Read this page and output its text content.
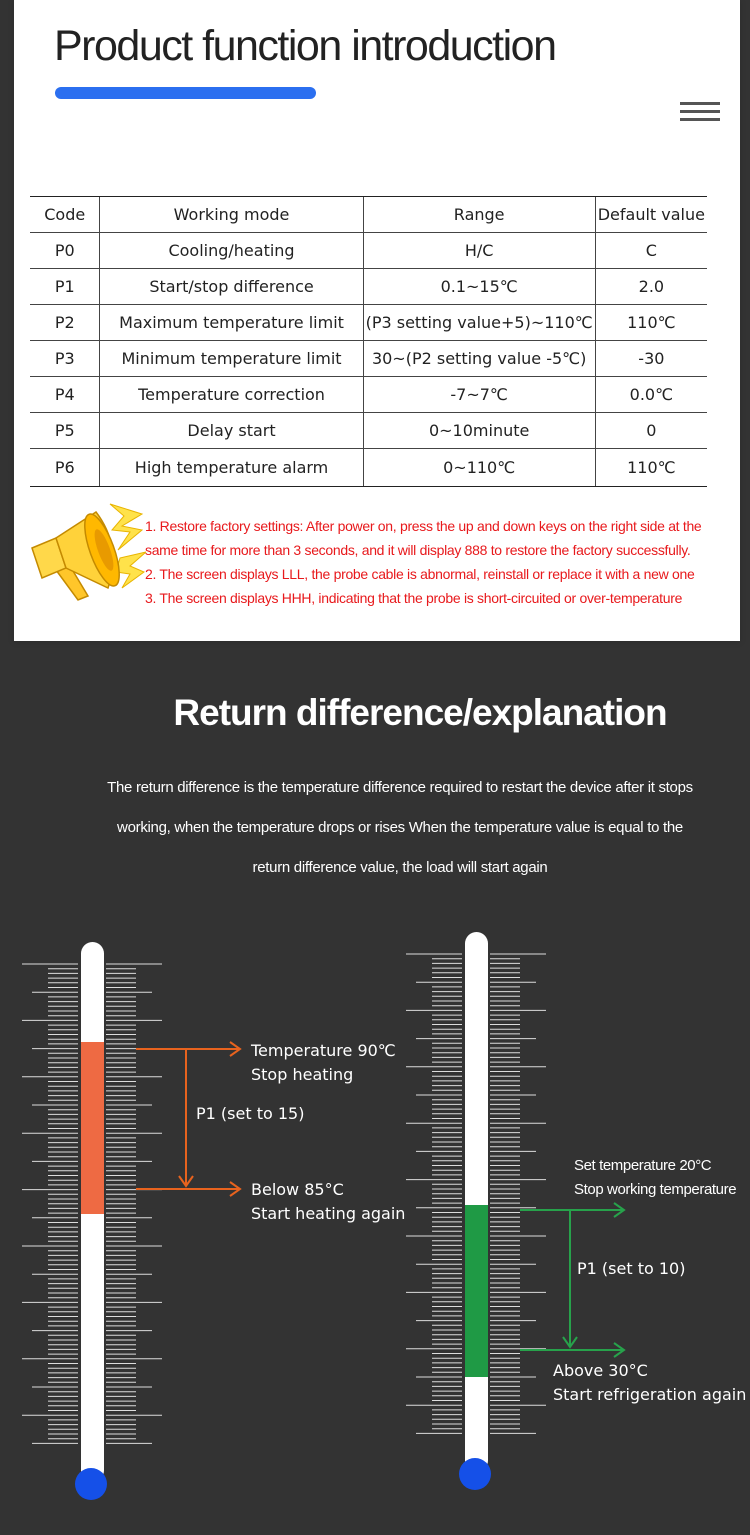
Product function introduction
Code	Working mode	Range	Default value
P0	Cooling/heating	H/C	C
P1	Start/stop difference	0.1~15℃	2.0
P2	Maximum temperature limit	(P3 setting value+5)~110℃	110℃
P3	Minimum temperature limit	30~(P2 setting value -5℃)	-30
P4	Temperature correction	-7~7℃	0.0℃
P5	Delay start	0~10minute	0
P6	High temperature alarm	0~110℃	110℃
1. Restore factory settings: After power on, press the up and down keys on the right side at the
same time for more than 3 seconds, and it will display 888 to restore the factory successfully.
2. The screen displays LLL, the probe cable is abnormal, reinstall or replace it with a new one
3. The screen displays HHH, indicating that the probe is short-circuited or over-temperature
Return difference/explanation

The return difference is the temperature difference required to restart the device after it stops

working, when the temperature drops or rises When the temperature value is equal to the

return difference value, the load will start again

Temperature 90℃
Stop heating
P1 (set to 15)
Below 85°C
Start heating again
Set temperature 20°C
Stop working temperature
P1 (set to 10)
Above 30°C
Start refrigeration again
